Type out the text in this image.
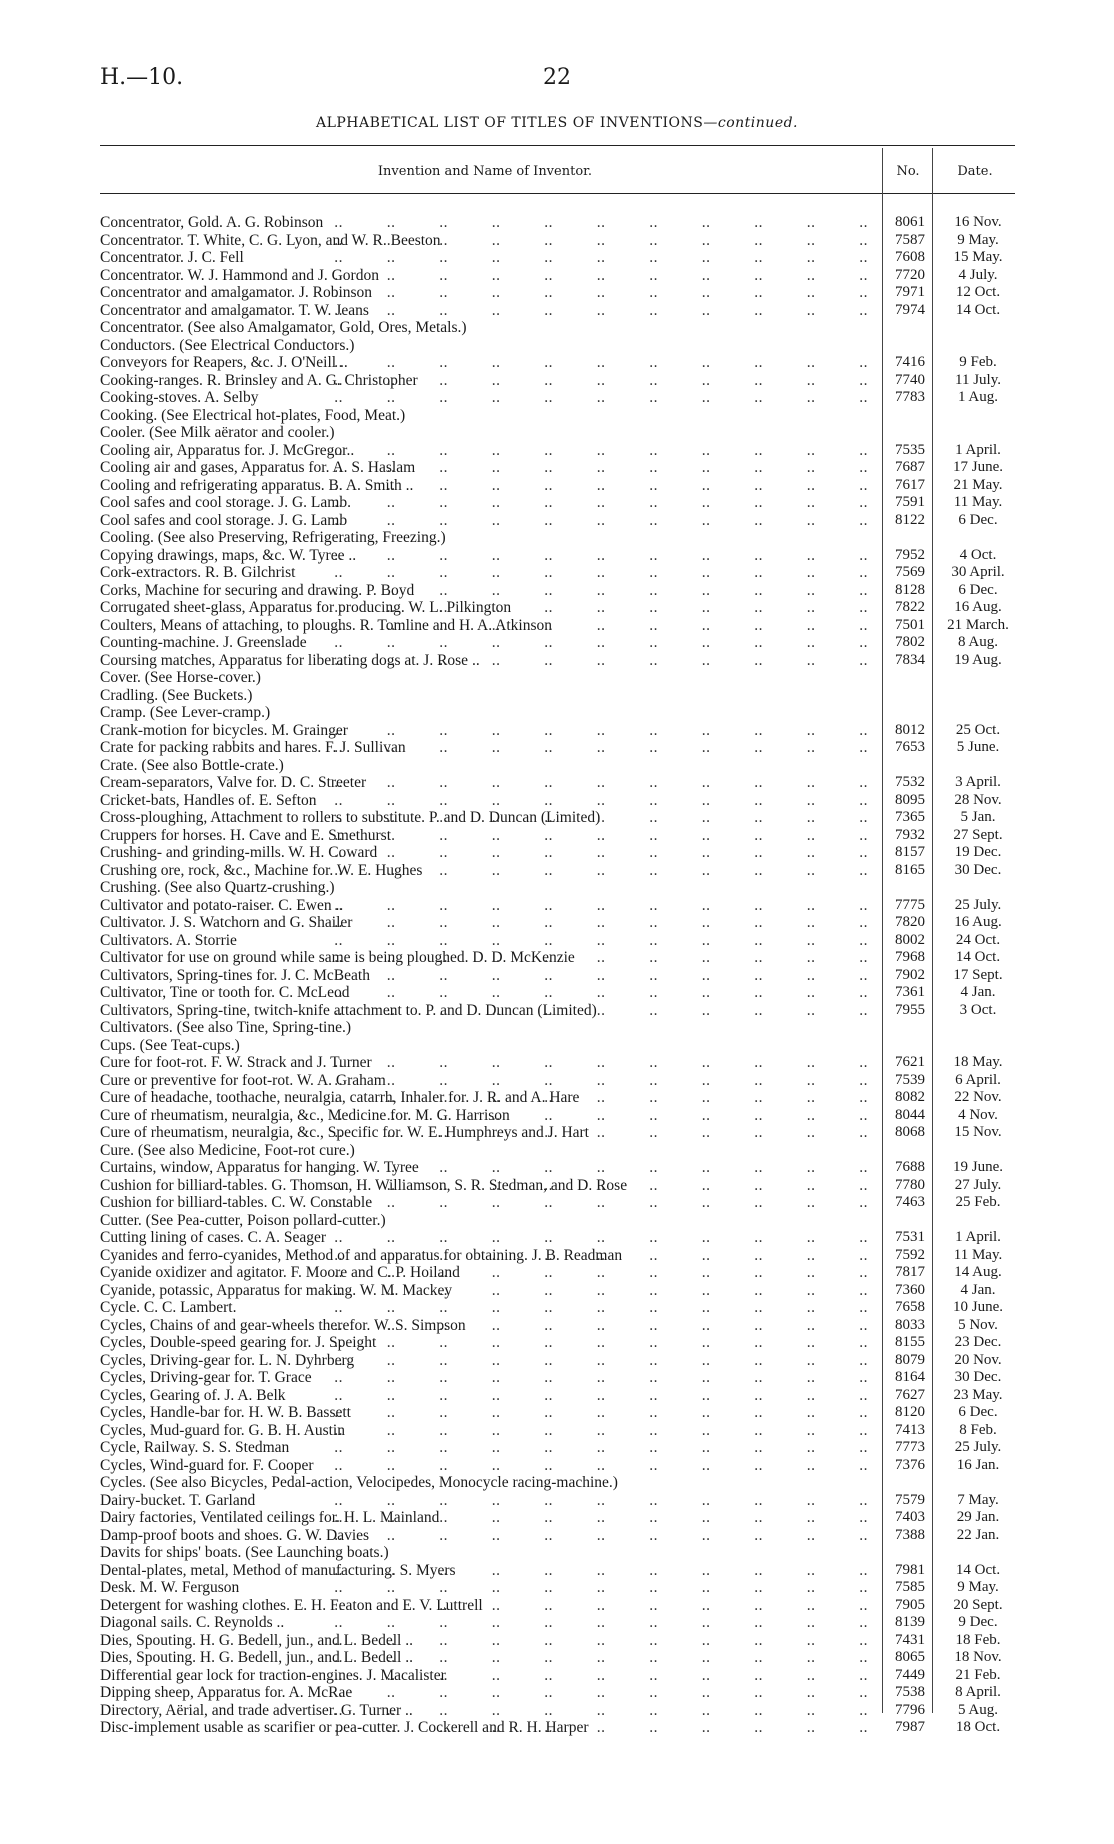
H.—10.	22
ALPHABETICAL LIST OF TITLES OF INVENTIONS—continued.
Invention and Name of Inventor.	No.	Date.
Concentrator, Gold. A. G. Robinson	8061	16 Nov.
Concentrator. T. White, C. G. Lyon, and W. R. Beeston	7587	9 May.
Concentrator. J. C. Fell	7608	15 May.
Concentrator. W. J. Hammond and J. Gordon	7720	4 July.
Concentrator and amalgamator. J. Robinson	7971	12 Oct.
Concentrator and amalgamator. T. W. Jeans	7974	14 Oct.
Concentrator. (See also Amalgamator, Gold, Ores, Metals.)
Conductors. (See Electrical Conductors.)
Conveyors for Reapers, &c. J. O'Neill ..	7416	9 Feb.
Cooking-ranges. R. Brinsley and A. G. Christopher	7740	11 July.
Cooking-stoves. A. Selby	7783	1 Aug.
Cooking. (See Electrical hot-plates, Food, Meat.)
Cooler. (See Milk aërator and cooler.)
Cooling air, Apparatus for. J. McGregor..	7535	1 April.
Cooling air and gases, Apparatus for. A. S. Haslam	7687	17 June.
Cooling and refrigerating apparatus. B. A. Smith ..	7617	21 May.
Cool safes and cool storage. J. G. Lamb.	7591	11 May.
Cool safes and cool storage. J. G. Lamb	8122	6 Dec.
Cooling. (See also Preserving, Refrigerating, Freezing.)
Copying drawings, maps, &c. W. Tyree ..	7952	4 Oct.
Cork-extractors. R. B. Gilchrist	7569	30 April.
Corks, Machine for securing and drawing. P. Boyd	8128	6 Dec.
Corrugated sheet-glass, Apparatus for producing. W. L. Pilkington	7822	16 Aug.
Coulters, Means of attaching, to ploughs. R. Tomline and H. A. Atkinson	7501	21 March.
Counting-machine. J. Greenslade	7802	8 Aug.
Coursing matches, Apparatus for liberating dogs at. J. Rose ..	7834	19 Aug.
Cover. (See Horse-cover.)
Cradling. (See Buckets.)
Cramp. (See Lever-cramp.)
Crank-motion for bicycles. M. Grainger	8012	25 Oct.
Crate for packing rabbits and hares. F. J. Sullivan	7653	5 June.
Crate. (See also Bottle-crate.)
Cream-separators, Valve for. D. C. Streeter	7532	3 April.
Cricket-bats, Handles of. E. Sefton	8095	28 Nov.
Cross-ploughing, Attachment to rollers to substitute. P. and D. Duncan (Limited)	7365	5 Jan.
Cruppers for horses. H. Cave and E. Smethurst	7932	27 Sept.
Crushing- and grinding-mills. W. H. Coward	8157	19 Dec.
Crushing ore, rock, &c., Machine for. W. E. Hughes	8165	30 Dec.
Crushing. (See also Quartz-crushing.)
Cultivator and potato-raiser. C. Ewen ..	7775	25 July.
Cultivator. J. S. Watchorn and G. Shailer	7820	16 Aug.
Cultivators. A. Storrie	8002	24 Oct.
Cultivator for use on ground while same is being ploughed. D. D. McKenzie	7968	14 Oct.
Cultivators, Spring-tines for. J. C. McBeath	7902	17 Sept.
Cultivator, Tine or tooth for. C. McLeod	7361	4 Jan.
Cultivators, Spring-tine, twitch-knife attachment to. P. and D. Duncan (Limited)	7955	3 Oct.
Cultivators. (See also Tine, Spring-tine.)
Cups. (See Teat-cups.)
Cure for foot-rot. F. W. Strack and J. Turner	7621	18 May.
Cure or preventive for foot-rot. W. A. Graham	7539	6 April.
Cure of headache, toothache, neuralgia, catarrh, Inhaler for. J. R. and A. Hare	8082	22 Nov.
Cure of rheumatism, neuralgia, &c., Medicine for. M. G. Harrison	8044	4 Nov.
Cure of rheumatism, neuralgia, &c., Specific for. W. E. Humphreys and J. Hart	8068	15 Nov.
Cure. (See also Medicine, Foot-rot cure.)
Curtains, window, Apparatus for hanging. W. Tyree	7688	19 June.
Cushion for billiard-tables. G. Thomson, H. Williamson, S. R. Stedman, and D. Rose	7780	27 July.
Cushion for billiard-tables. C. W. Constable	7463	25 Feb.
Cutter. (See Pea-cutter, Poison pollard-cutter.)
Cutting lining of cases. C. A. Seager	7531	1 April.
Cyanides and ferro-cyanides, Method of and apparatus for obtaining. J. B. Readman	7592	11 May.
Cyanide oxidizer and agitator. F. Moore and C. P. Hoiland	7817	14 Aug.
Cyanide, potassic, Apparatus for making. W. M. Mackey	7360	4 Jan.
Cycle. C. C. Lambert.	7658	10 June.
Cycles, Chains of and gear-wheels therefor. W. S. Simpson	8033	5 Nov.
Cycles, Double-speed gearing for. J. Speight	8155	23 Dec.
Cycles, Driving-gear for. L. N. Dyhrberg	8079	20 Nov.
Cycles, Driving-gear for. T. Grace	8164	30 Dec.
Cycles, Gearing of. J. A. Belk	7627	23 May.
Cycles, Handle-bar for. H. W. B. Bassett	8120	6 Dec.
Cycles, Mud-guard for. G. B. H. Austin	7413	8 Feb.
Cycle, Railway. S. S. Stedman	7773	25 July.
Cycles, Wind-guard for. F. Cooper	7376	16 Jan.
Cycles. (See also Bicycles, Pedal-action, Velocipedes, Monocycle racing-machine.)
Dairy-bucket. T. Garland	7579	7 May.
Dairy factories, Ventilated ceilings for. H. L. Mainland	7403	29 Jan.
Damp-proof boots and shoes. G. W. Davies	7388	22 Jan.
Davits for ships' boats. (See Launching boats.)
Dental-plates, metal, Method of manufacturing. S. Myers	7981	14 Oct.
Desk. M. W. Ferguson	7585	9 May.
Detergent for washing clothes. E. H. Featon and E. V. Luttrell	7905	20 Sept.
Diagonal sails. C. Reynolds ..	8139	9 Dec.
Dies, Spouting. H. G. Bedell, jun., and L. Bedell ..	7431	18 Feb.
Dies, Spouting. H. G. Bedell, jun., and L. Bedell ..	8065	18 Nov.
Differential gear lock for traction-engines. J. Macalister	7449	21 Feb.
Dipping sheep, Apparatus for. A. McRae	7538	8 April.
Directory, Aërial, and trade advertiser. G. Turner ..	7796	5 Aug.
Disc-implement usable as scarifier or pea-cutter. J. Cockerell and R. H. Harper	7987	18 Oct.
